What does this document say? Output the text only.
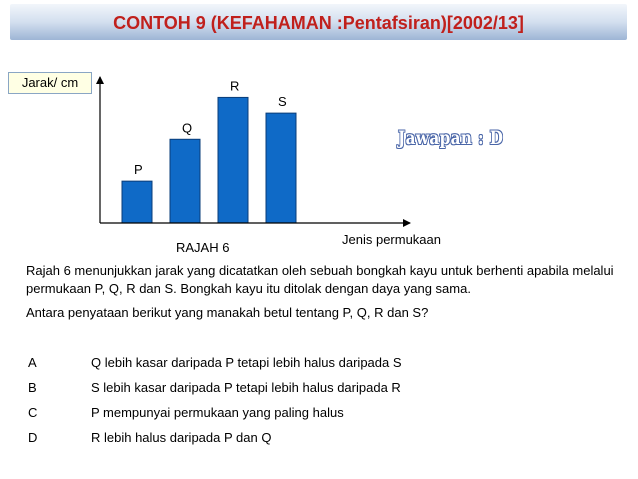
CONTOH 9 (KEFAHAMAN :Pentafsiran)[2002/13]
Jarak/ cm
P
Q
R
S
Jenis permukaan
RAJAH 6
Jawapan : D

Rajah 6 menunjukkan jarak yang dicatatkan oleh sebuah bongkah kayu untuk berhenti apabila melalui permukaan P, Q, R dan S. Bongkah kayu itu ditolak dengan daya yang sama.

Antara penyataan berikut yang manakah betul tentang P, Q, R dan S?

A	Q lebih kasar daripada P tetapi lebih halus daripada S
B	S lebih kasar daripada P tetapi lebih halus daripada R
C	P mempunyai permukaan yang paling halus
D	R lebih halus daripada P dan Q
